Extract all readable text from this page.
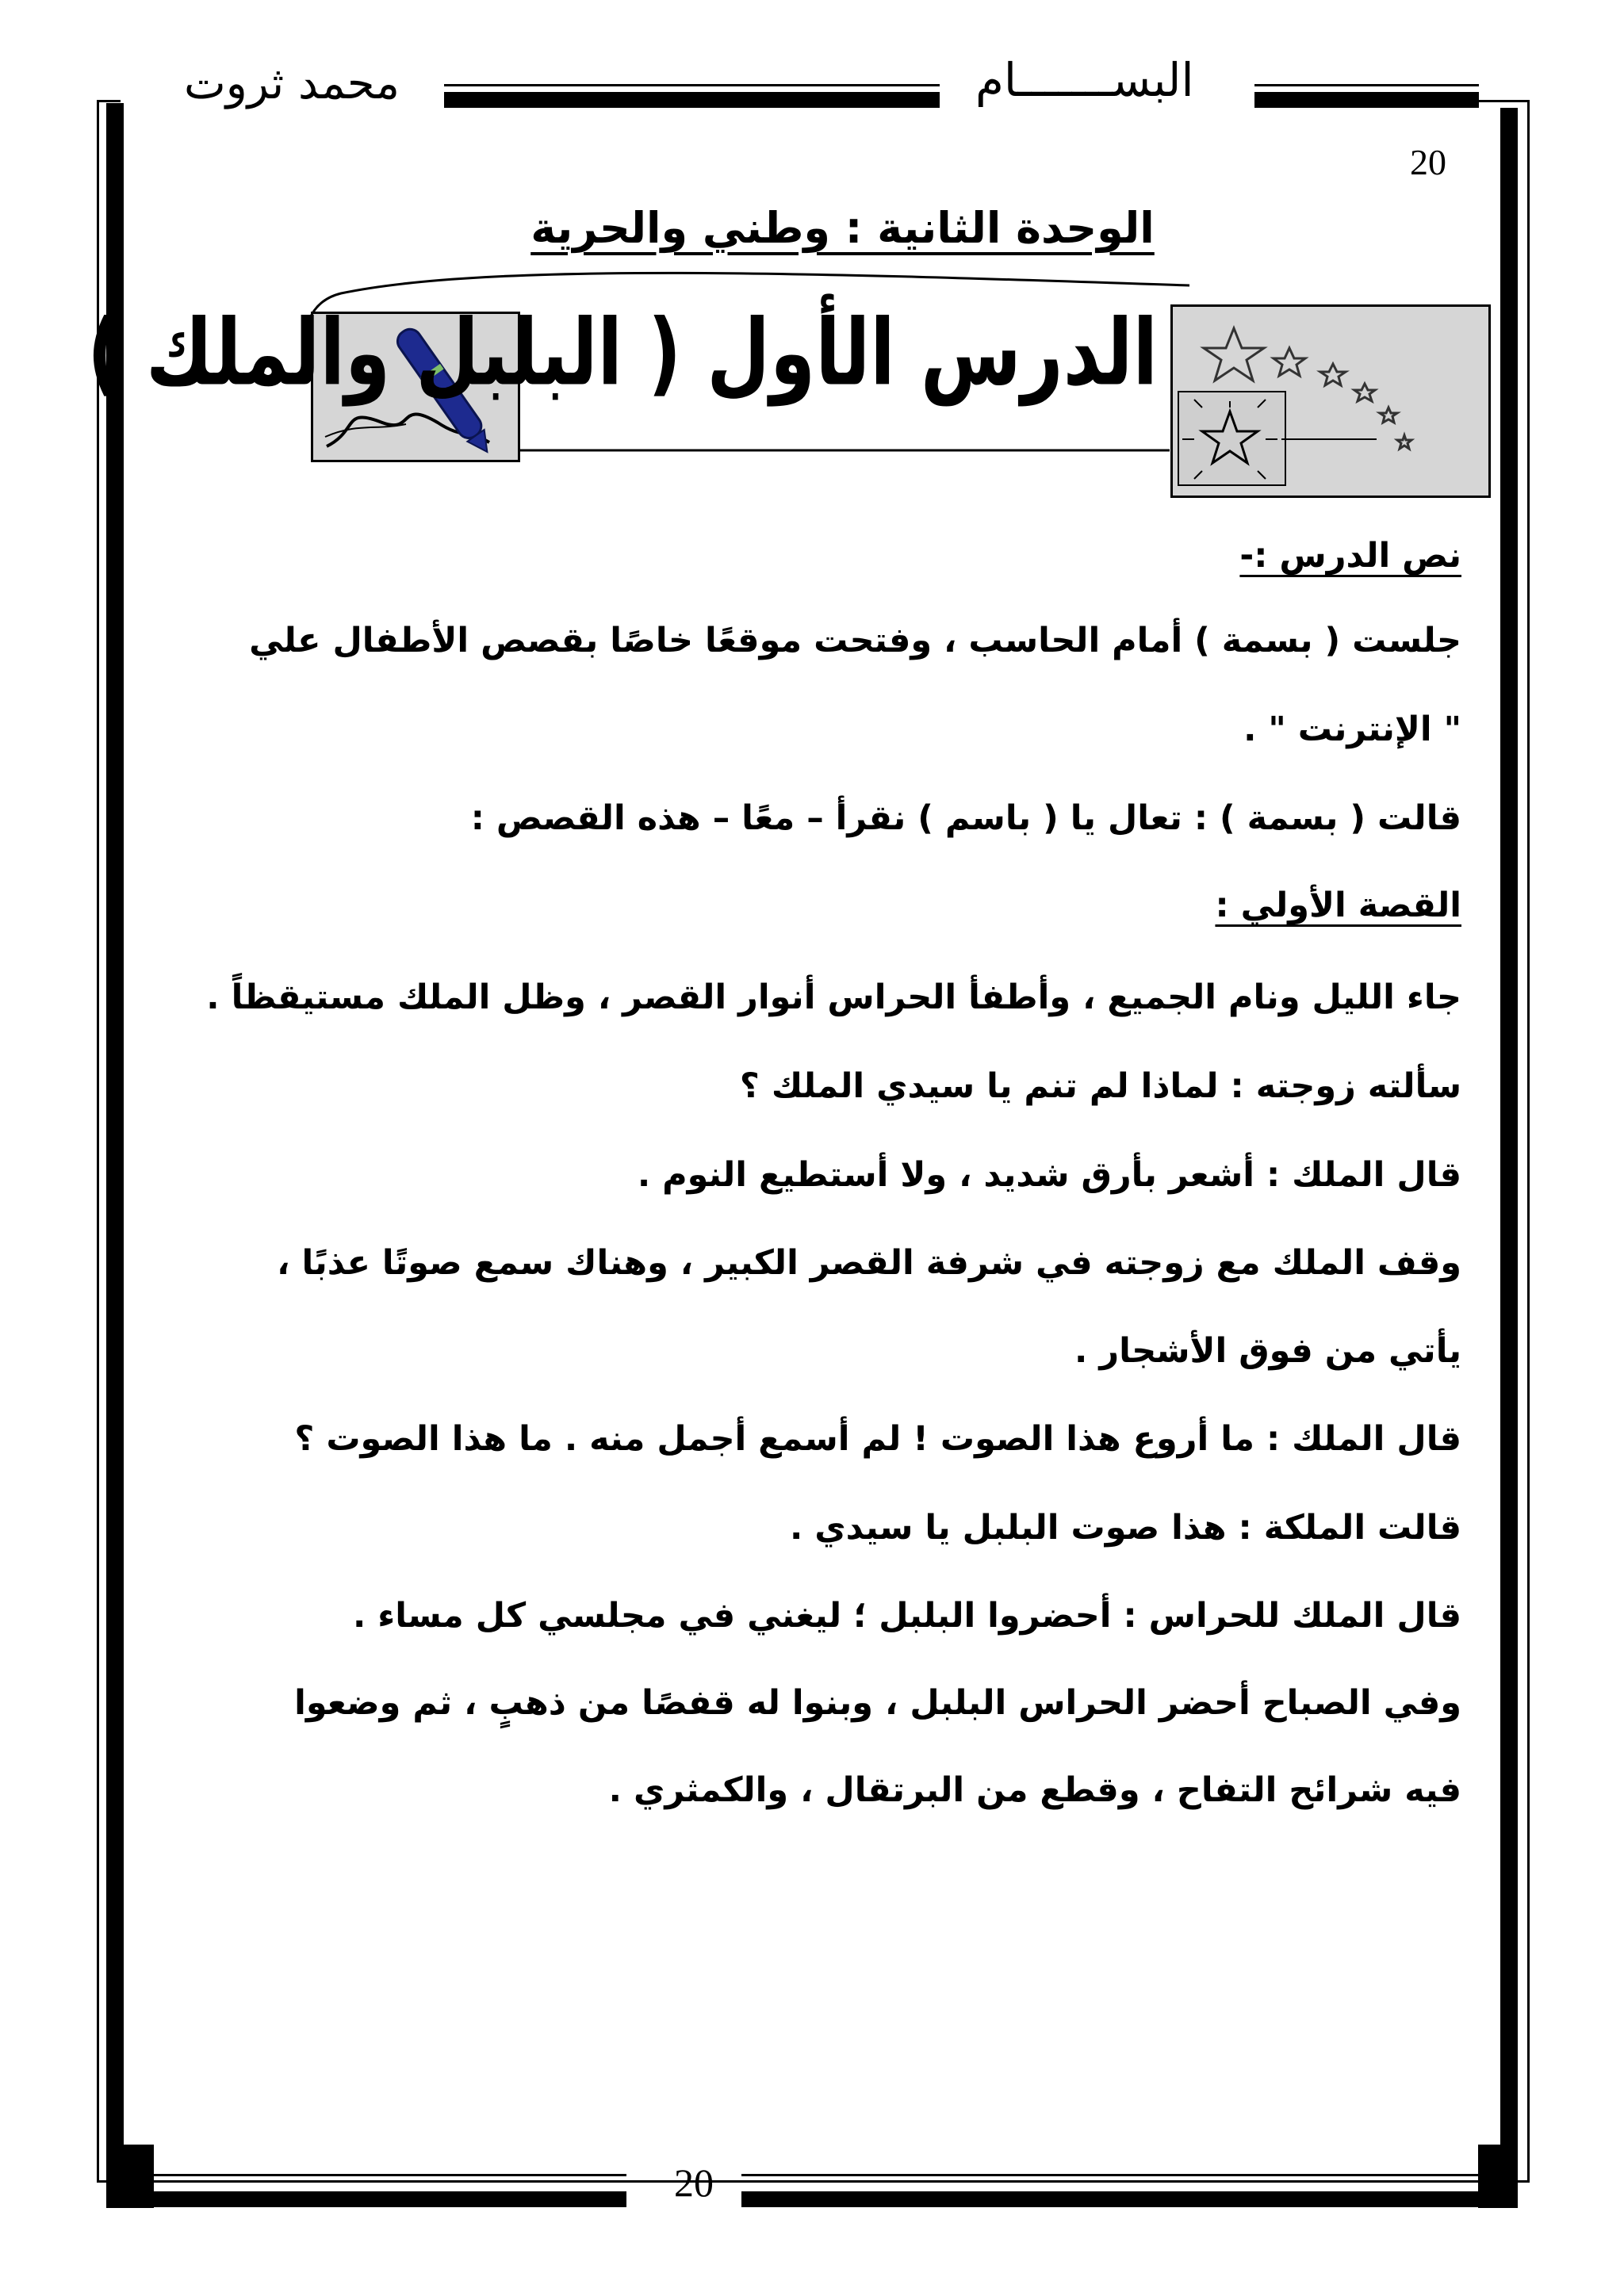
محمد ثروت	البســـــــام
20
الوحدة الثانية : وطني والحرية
الدرس الأول ( البلبل والملك )
نص الدرس :-
جلست ( بسمة ) أمام الحاسب ، وفتحت موقعًا خاصًا بقصص الأطفال علي
" الإنترنت " .
قالت ( بسمة ) : تعال يا ( باسم ) نقرأ – معًا – هذه القصص :
القصة الأولي :
جاء الليل ونام الجميع ، وأطفأ الحراس أنوار القصر ، وظل الملك مستيقظاً .
سألته زوجته : لماذا لم تنم يا سيدي الملك ؟
قال الملك : أشعر بأرق شديد ، ولا أستطيع النوم .
وقف الملك مع زوجته في شرفة القصر الكبير ، وهناك سمع صوتًا عذبًا ،
يأتي من فوق الأشجار .
قال الملك : ما أروع هذا الصوت ! لم أسمع أجمل منه . ما هذا الصوت ؟
قالت الملكة : هذا صوت البلبل يا سيدي .
قال الملك للحراس : أحضروا البلبل ؛ ليغني في مجلسي كل مساء .
وفي الصباح أحضر الحراس البلبل ، وبنوا له قفصًا من ذهبٍ ، ثم وضعوا
فيه شرائح التفاح ، وقطع من البرتقال ، والكمثري .
20
